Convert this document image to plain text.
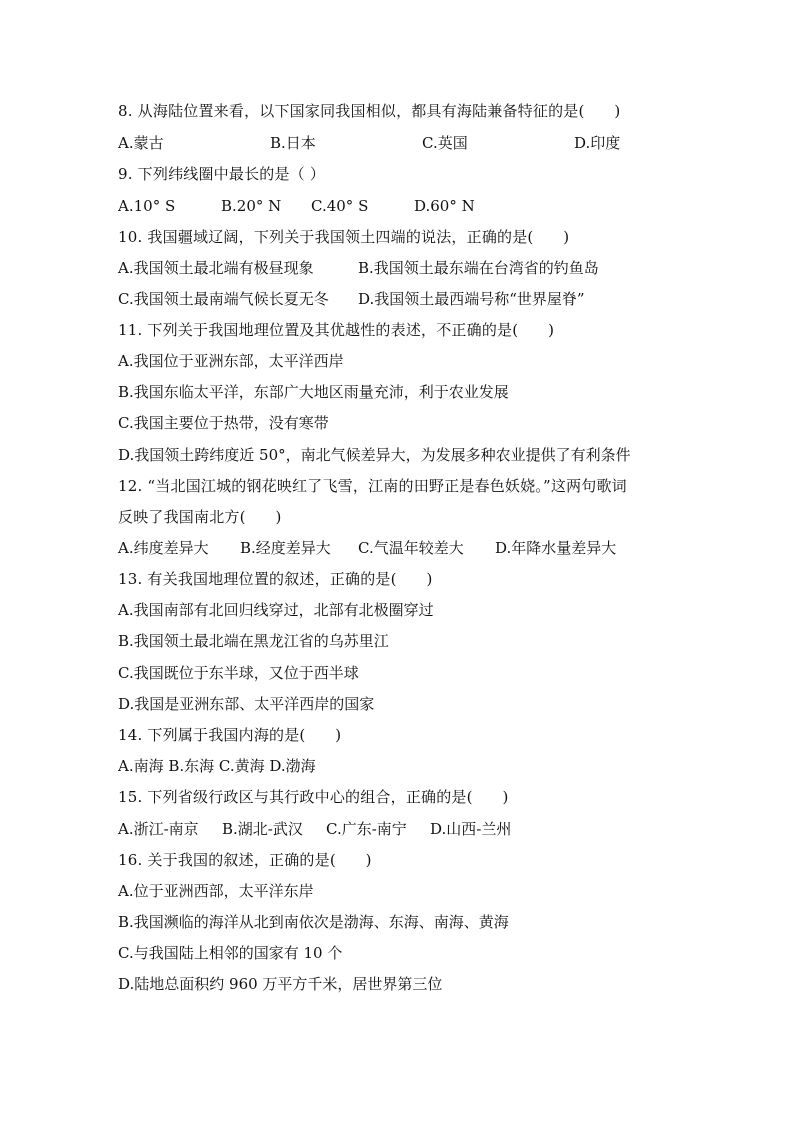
8. 从海陆位置来看，以下国家同我国相似，都具有海陆兼备特征的是(      )
A.蒙古	B.日本	C.英国	D.印度
9. 下列纬线圈中最长的是（ ）
A.10° S	B.20° N C.40° S	D.60° N
10. 我国疆域辽阔，下列关于我国领土四端的说法，正确的是(      )
A.我国领土最北端有极昼现象	B.我国领土最东端在台湾省的钓鱼岛
C.我国领土最南端气候长夏无冬 D.我国领土最西端号称“世界屋脊”
11. 下列关于我国地理位置及其优越性的表述，不正确的是(      )
A.我国位于亚洲东部，太平洋西岸
B.我国东临太平洋，东部广大地区雨量充沛，利于农业发展
C.我国主要位于热带，没有寒带
D.我国领土跨纬度近 50°，南北气候差异大，为发展多种农业提供了有利条件
12. “当北国江城的钢花映红了飞雪，江南的田野正是春色妖娆。”这两句歌词
反映了我国南北方(      )
A.纬度差异大 B.经度差异大 C.气温年较差大 D.年降水量差异大
13. 有关我国地理位置的叙述，正确的是(      )
A.我国南部有北回归线穿过，北部有北极圈穿过
B.我国领土最北端在黑龙江省的乌苏里江
C.我国既位于东半球，又位于西半球
D.我国是亚洲东部、太平洋西岸的国家
14. 下列属于我国内海的是(      )
A.南海 B.东海 C.黄海 D.渤海
15. 下列省级行政区与其行政中心的组合，正确的是(      )
A.浙江-南京 B.湖北-武汉 C.广东-南宁 D.山西-兰州
16. 关于我国的叙述，正确的是(      )
A.位于亚洲西部，太平洋东岸
B.我国濒临的海洋从北到南依次是渤海、东海、南海、黄海
C.与我国陆上相邻的国家有 10 个
D.陆地总面积约 960 万平方千米，居世界第三位
